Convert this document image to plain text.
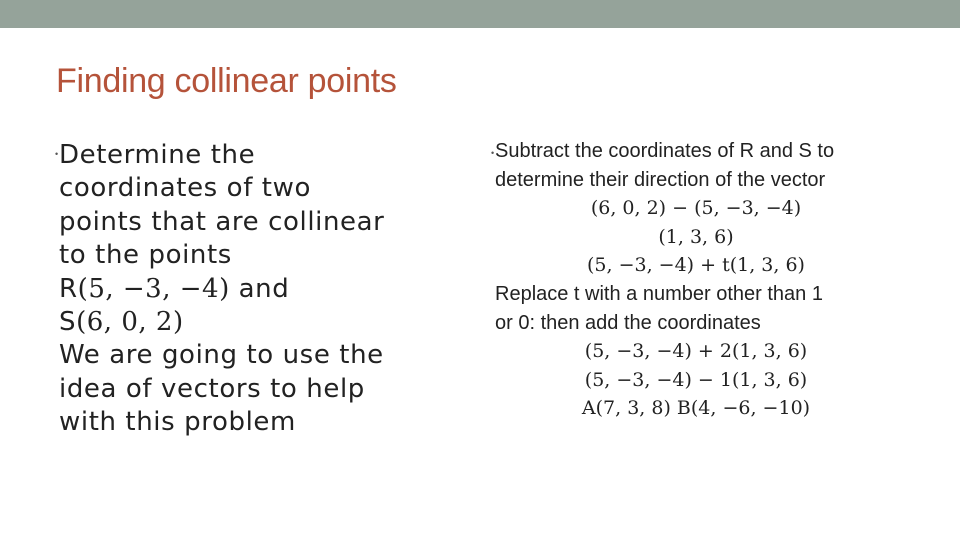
Finding collinear points
• Determine the
coordinates of two
points that are collinear
to the points
R(5, −3, −4) and
S(6, 0, 2)
We are going to use the
idea of vectors to help
with this problem
• Subtract the coordinates of R and S to
determine their direction of the vector
(6, 0, 2) − (5, −3, −4)
(1, 3, 6)
(5, −3, −4) + t(1, 3, 6)
Replace t with a number other than 1
or 0: then add the coordinates
(5, −3, −4) + 2(1, 3, 6)
(5, −3, −4) − 1(1, 3, 6)
A(7, 3, 8) B(4, −6, −10)
